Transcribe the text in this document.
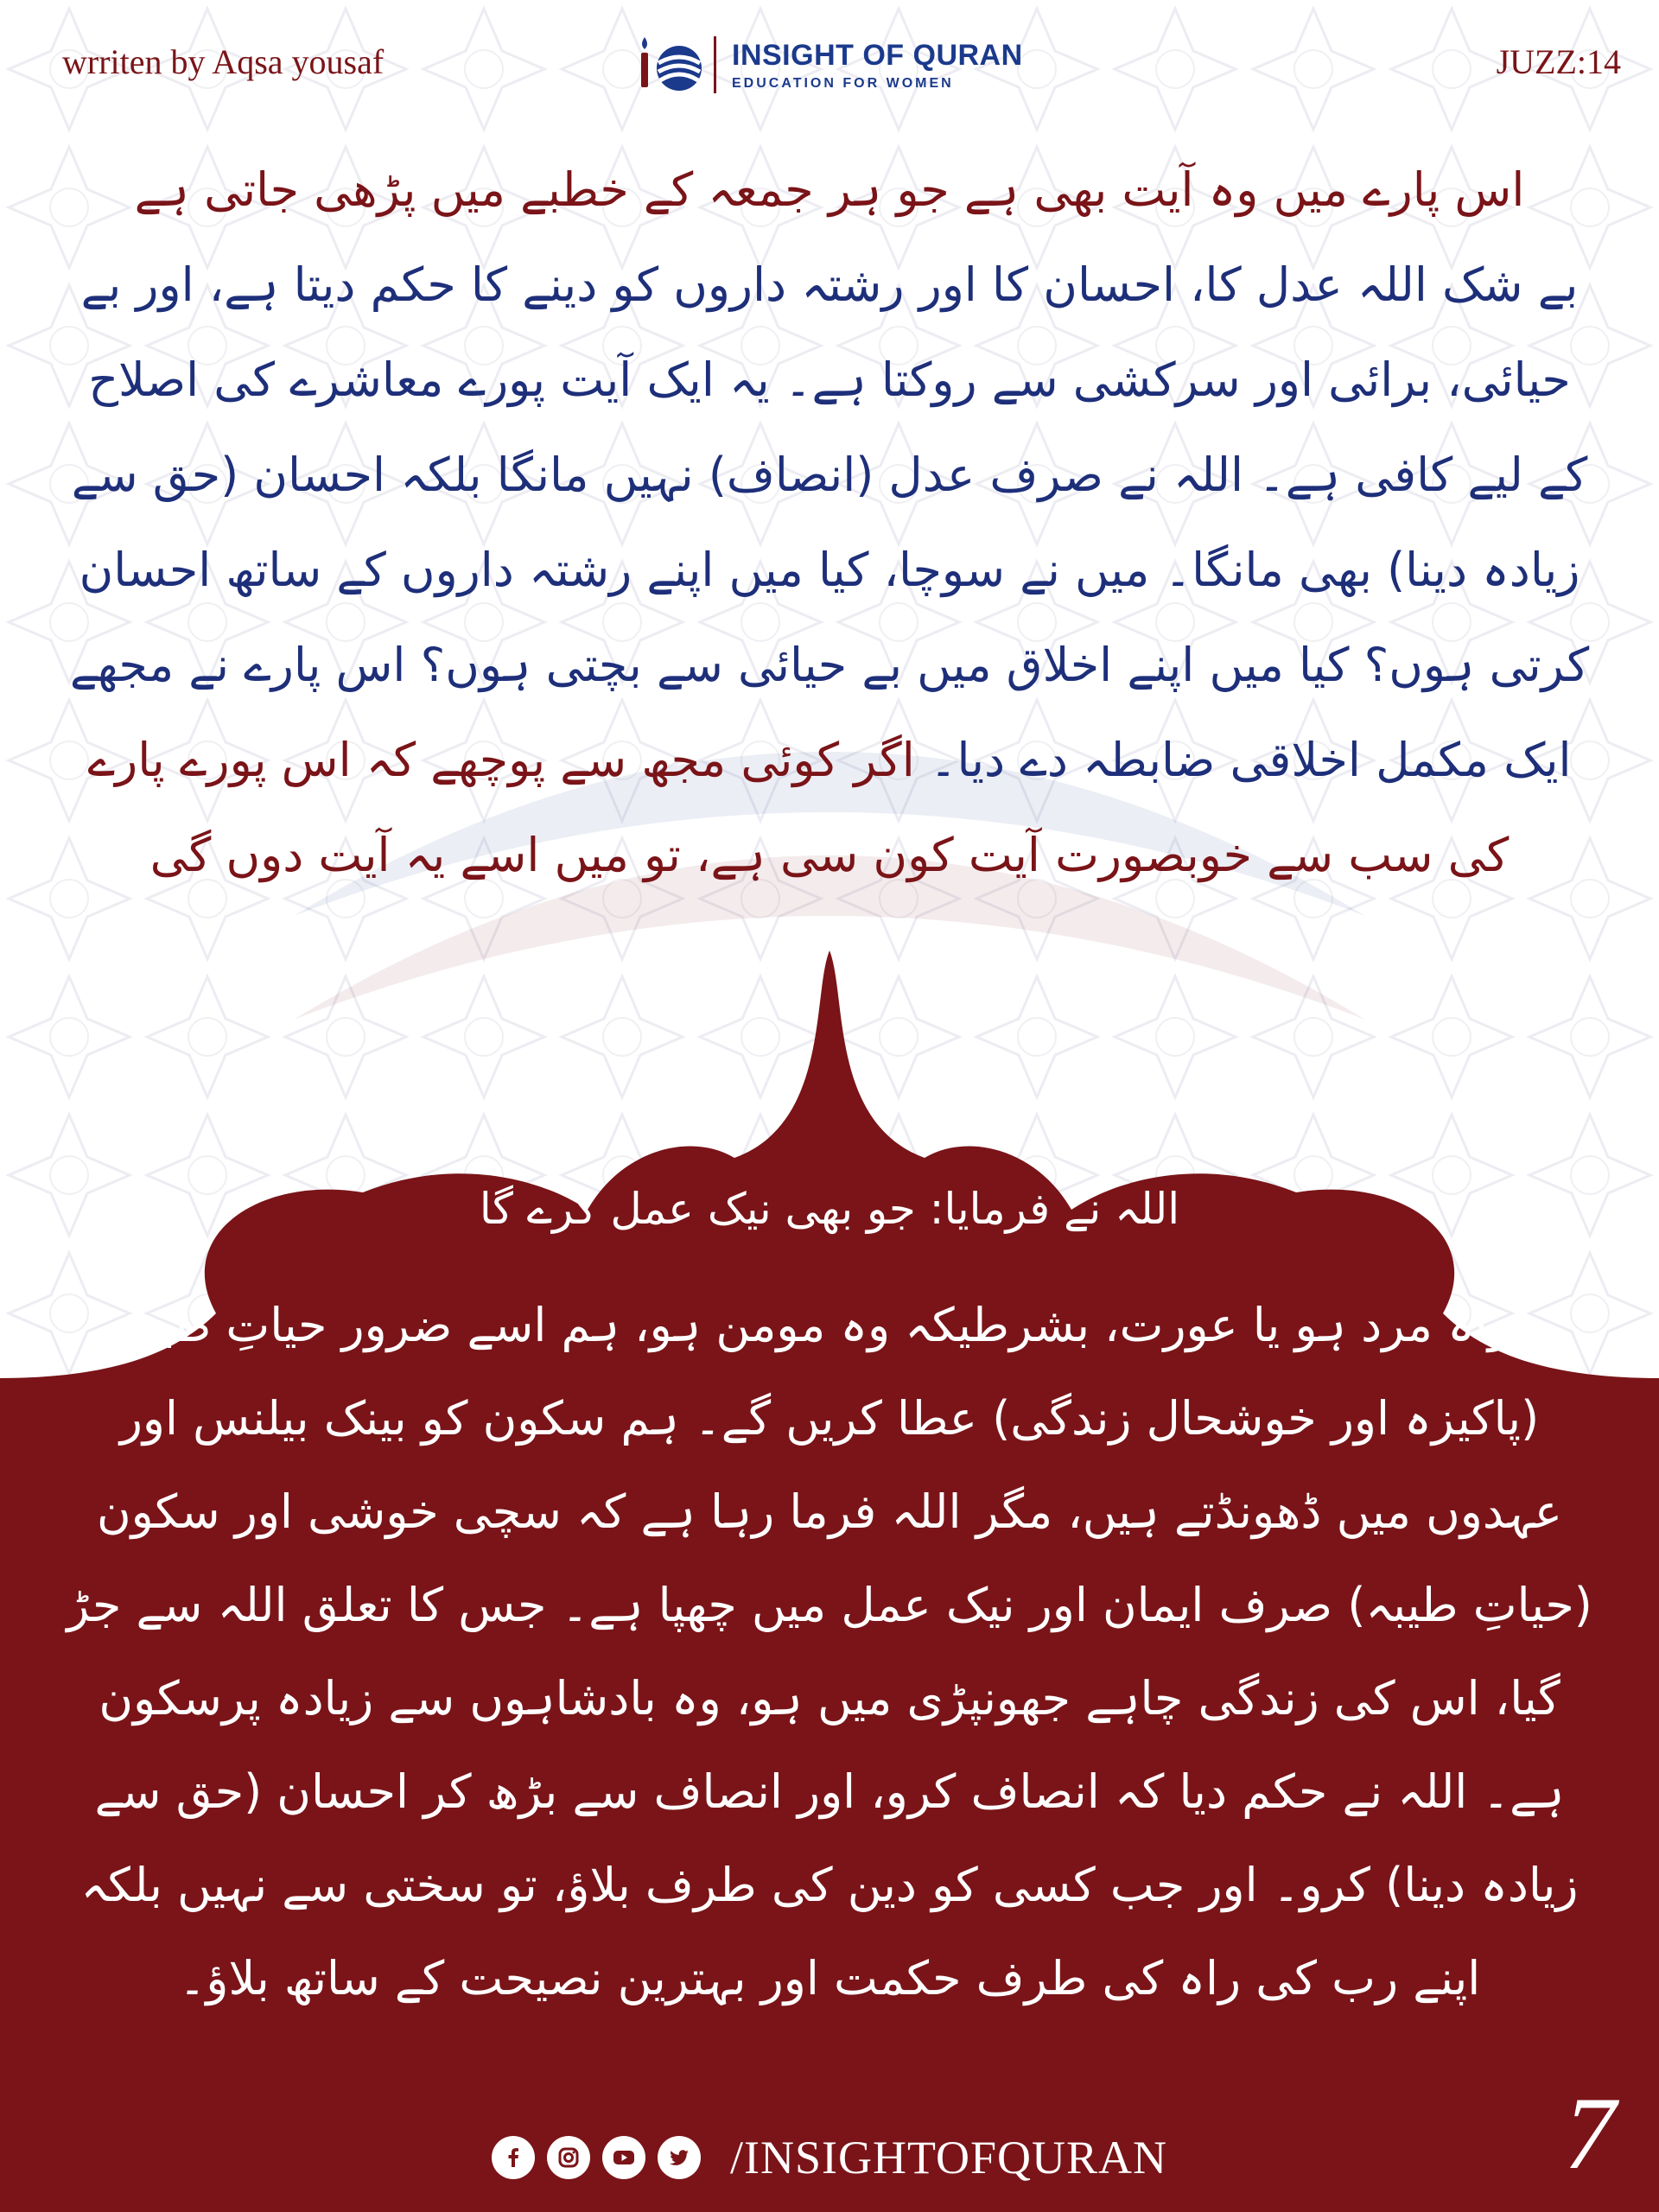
wrriten by Aqsa yousaf	INSIGHT OF QURAN
EDUCATION FOR WOMEN
JUZZ:14

اس پارے میں وہ آیت بھی ہے جو ہر جمعہ کے خطبے میں پڑھی جاتی ہے

بے شک اللہ عدل کا، احسان کا اور رشتہ داروں کو دینے کا حکم دیتا ہے، اور بے حیائی، برائی اور سرکشی سے روکتا ہے۔ یہ ایک آیت پورے معاشرے کی اصلاح کے لیے کافی ہے۔ اللہ نے صرف عدل (انصاف) نہیں مانگا بلکہ احسان (حق سے زیادہ دینا) بھی مانگا۔ میں نے سوچا، کیا میں اپنے رشتہ داروں کے ساتھ احسان کرتی ہوں؟ کیا میں اپنے اخلاق میں بے حیائی سے بچتی ہوں؟ اس پارے نے مجھے ایک مکمل اخلاقی ضابطہ دے دیا۔ اگر کوئی مجھ سے پوچھے کہ اس پورے پارے کی سب سے خوبصورت آیت کون سی ہے، تو میں اسے یہ آیت دوں گی

اللہ نے فرمایا: جو بھی نیک عمل کرے گا

خواہ مرد ہو یا عورت، بشرطیکہ وہ مومن ہو، ہم اسے ضرور حیاتِ طیبہ (پاکیزہ اور خوشحال زندگی) عطا کریں گے۔ ہم سکون کو بینک بیلنس اور عہدوں میں ڈھونڈتے ہیں، مگر اللہ فرما رہا ہے کہ سچی خوشی اور سکون (حیاتِ طیبہ) صرف ایمان اور نیک عمل میں چھپا ہے۔ جس کا تعلق اللہ سے جڑ گیا، اس کی زندگی چاہے جھونپڑی میں ہو، وہ بادشاہوں سے زیادہ پرسکون ہے۔ اللہ نے حکم دیا کہ انصاف کرو، اور انصاف سے بڑھ کر احسان (حق سے زیادہ دینا) کرو۔ اور جب کسی کو دین کی طرف بلاؤ، تو سختی سے نہیں بلکہ اپنے رب کی راہ کی طرف حکمت اور بہترین نصیحت کے ساتھ بلاؤ۔

/INSIGHTOFQURAN	7
